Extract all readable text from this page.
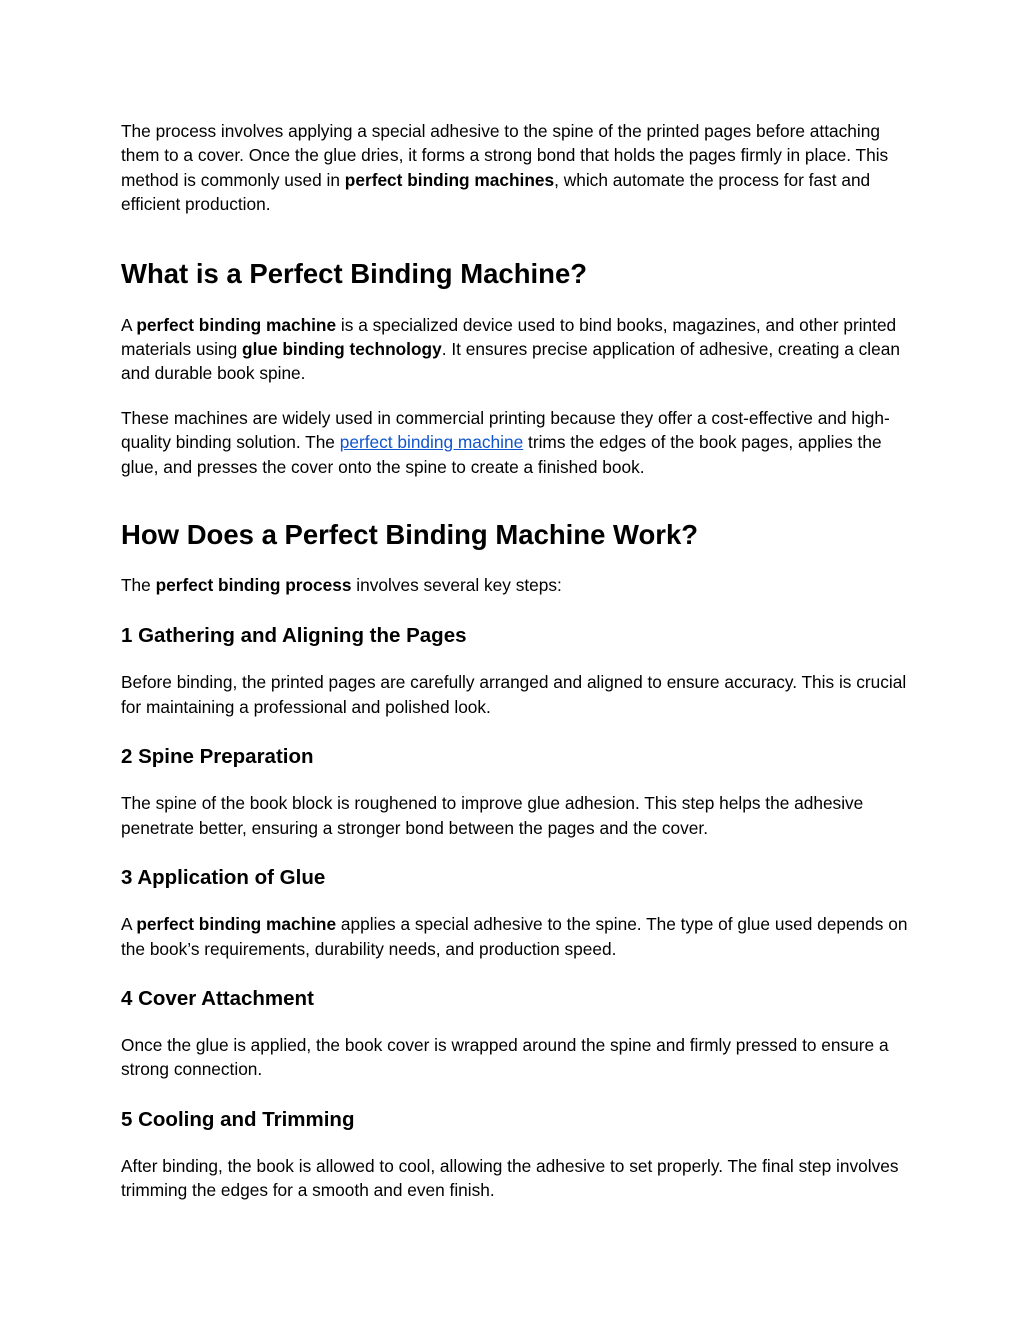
The process involves applying a special adhesive to the spine of the printed pages before attaching them to a cover. Once the glue dries, it forms a strong bond that holds the pages firmly in place. This method is commonly used in perfect binding machines, which automate the process for fast and efficient production.

What is a Perfect Binding Machine?

A perfect binding machine is a specialized device used to bind books, magazines, and other printed materials using glue binding technology. It ensures precise application of adhesive, creating a clean and durable book spine.

These machines are widely used in commercial printing because they offer a cost-effective and high-quality binding solution. The perfect binding machine trims the edges of the book pages, applies the glue, and presses the cover onto the spine to create a finished book.

How Does a Perfect Binding Machine Work?

The perfect binding process involves several key steps:

1 Gathering and Aligning the Pages

Before binding, the printed pages are carefully arranged and aligned to ensure accuracy. This is crucial for maintaining a professional and polished look.

2 Spine Preparation

The spine of the book block is roughened to improve glue adhesion. This step helps the adhesive penetrate better, ensuring a stronger bond between the pages and the cover.

3 Application of Glue

A perfect binding machine applies a special adhesive to the spine. The type of glue used depends on the book’s requirements, durability needs, and production speed.

4 Cover Attachment

Once the glue is applied, the book cover is wrapped around the spine and firmly pressed to ensure a strong connection.

5 Cooling and Trimming

After binding, the book is allowed to cool, allowing the adhesive to set properly. The final step involves trimming the edges for a smooth and even finish.
